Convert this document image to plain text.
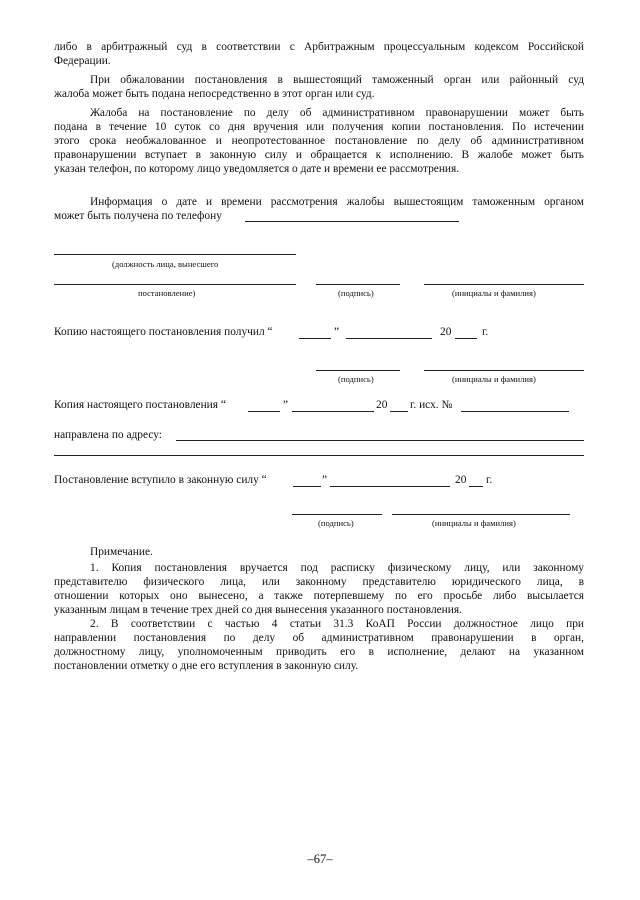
либо в арбитражный суд в соответствии с Арбитражным процессуальным кодексом Российской
Федерации.
При обжаловании постановления в вышестоящий таможенный орган или районный суд
жалоба может быть подана непосредственно в этот орган или суд.
Жалоба на постановление по делу об административном правонарушении может быть
подана в течение 10 суток со дня вручения или получения копии постановления. По истечении
этого срока необжалованное и неопротестованное постановление по делу об административном
правонарушении вступает в законную силу и обращается к исполнению. В жалобе может быть
указан телефон, по которому лицо уведомляется о дате и времени ее рассмотрения.
Информация о дате и времени рассмотрения жалобы вышестоящим таможенным органом
может быть получена по телефону
(должность лица, вынесшего
постановление)	(подпись)	(инициалы и фамилия)
Копию настоящего постановления получил “	”	20	г.
(подпись)	(инициалы и фамилия)
Копия настоящего постановления “	”	20 г. исх. №
направлена по адресу:
Постановление вступило в законную силу “	”	20 г.
(подпись)	(инициалы и фамилия)
Примечание.
1. Копия постановления вручается под расписку физическому лицу, или законному
представителю физического лица, или законному представителю юридического лица, в
отношении которых оно вынесено, а также потерпевшему по его просьбе либо высылается
указанным лицам в течение трех дней со дня вынесения указанного постановления.
2. В соответствии с частью 4 статьи 31.3 КоАП России должностное лицо при
направлении постановления по делу об административном правонарушении в орган,
должностному лицу, уполномоченным приводить его в исполнение, делают на указанном
постановлении отметку о дне его вступления в законную силу.
–67–
